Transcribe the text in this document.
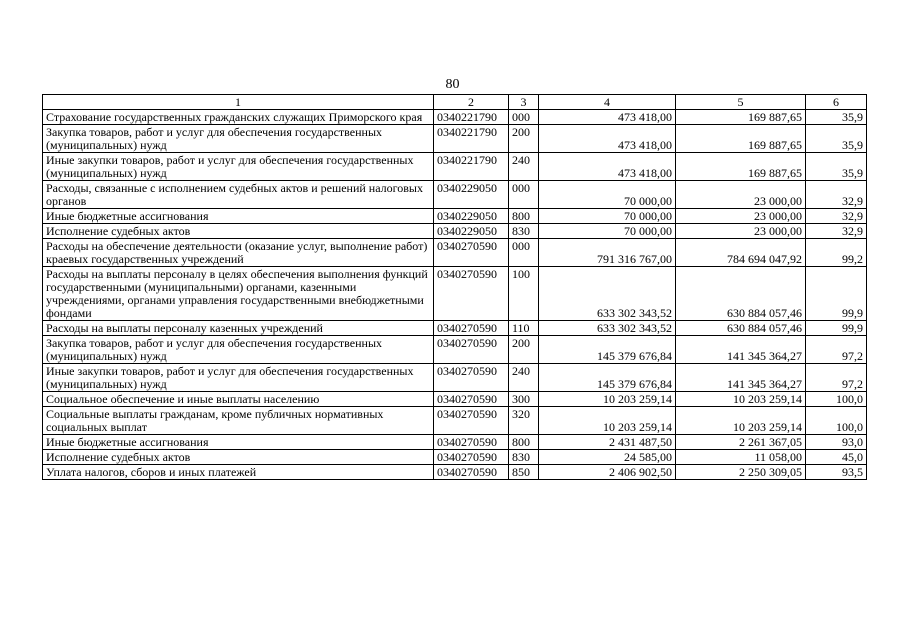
80
1	2	3	4	5	6
Страхование государственных гражданских служащих Приморского края	0340221790	000	473 418,00	169 887,65	35,9
Закупка товаров, работ и услуг для обеспечения государственных (муниципальных) нужд	0340221790	200	473 418,00	169 887,65	35,9
Иные закупки товаров, работ и услуг для обеспечения государственных (муниципальных) нужд	0340221790	240	473 418,00	169 887,65	35,9
Расходы, связанные с исполнением судебных актов и решений налоговых органов	0340229050	000	70 000,00	23 000,00	32,9
Иные бюджетные ассигнования	0340229050	800	70 000,00	23 000,00	32,9
Исполнение судебных актов	0340229050	830	70 000,00	23 000,00	32,9
Расходы на обеспечение деятельности (оказание услуг, выполнение работ) краевых государственных учреждений	0340270590	000	791 316 767,00	784 694 047,92	99,2
Расходы на выплаты персоналу в целях обеспечения выполнения функций государственными (муниципальными) органами, казенными учреждениями, органами управления государственными внебюджетными фондами	0340270590	100	633 302 343,52	630 884 057,46	99,9
Расходы на выплаты персоналу казенных учреждений	0340270590	110	633 302 343,52	630 884 057,46	99,9
Закупка товаров, работ и услуг для обеспечения государственных (муниципальных) нужд	0340270590	200	145 379 676,84	141 345 364,27	97,2
Иные закупки товаров, работ и услуг для обеспечения государственных (муниципальных) нужд	0340270590	240	145 379 676,84	141 345 364,27	97,2
Социальное обеспечение и иные выплаты населению	0340270590	300	10 203 259,14	10 203 259,14	100,0
Социальные выплаты гражданам, кроме публичных нормативных социальных выплат	0340270590	320	10 203 259,14	10 203 259,14	100,0
Иные бюджетные ассигнования	0340270590	800	2 431 487,50	2 261 367,05	93,0
Исполнение судебных актов	0340270590	830	24 585,00	11 058,00	45,0
Уплата налогов, сборов и иных платежей	0340270590	850	2 406 902,50	2 250 309,05	93,5
